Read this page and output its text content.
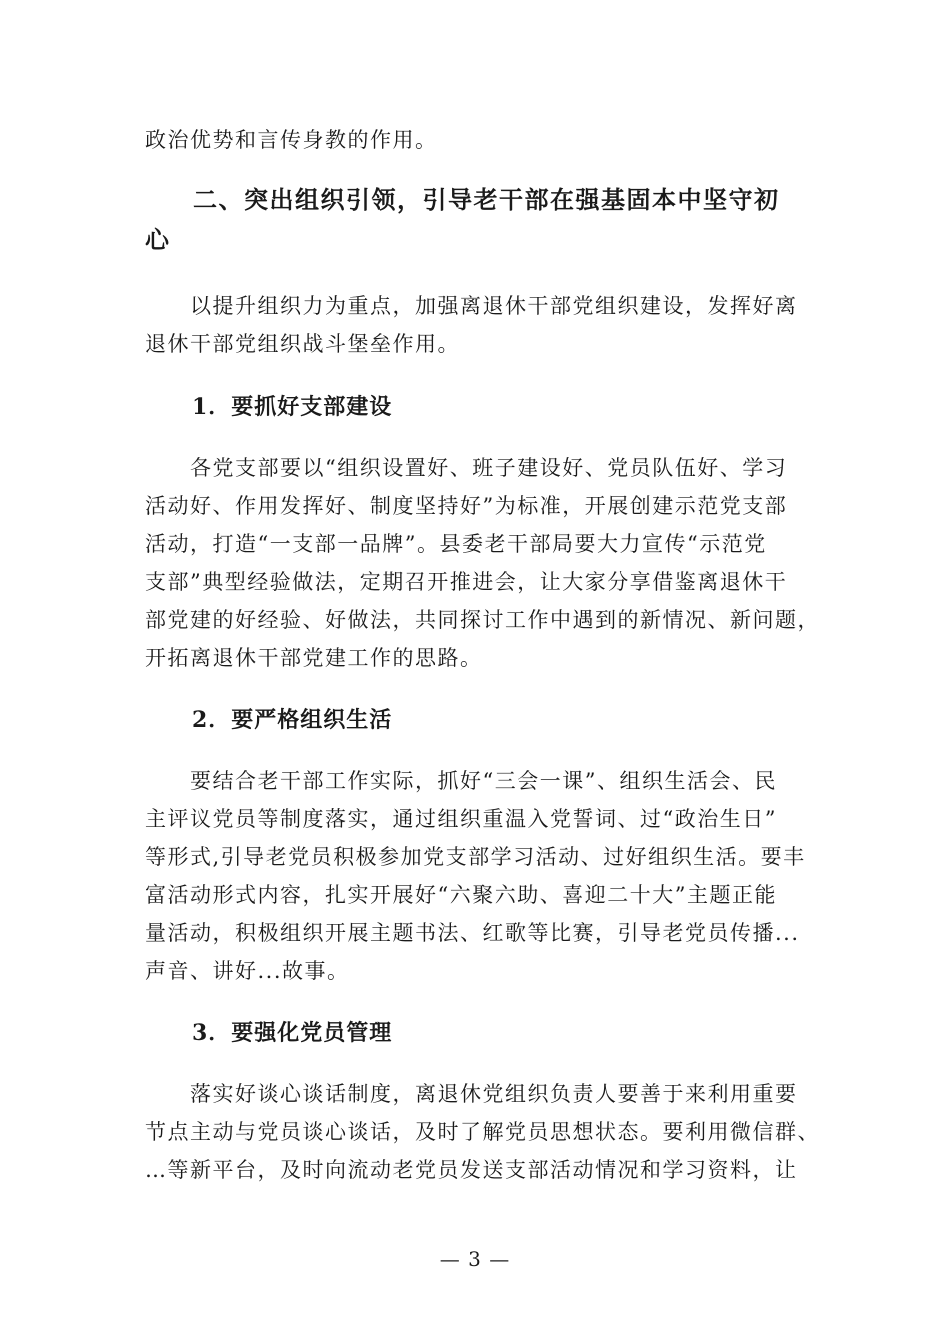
政治优势和言传身教的作用。
二、突出组织引领，引导老干部在强基固本中坚守初
心
以提升组织力为重点，加强离退休干部党组织建设，发挥好离
退休干部党组织战斗堡垒作用。
1．要抓好支部建设
各党支部要以“组织设置好、班子建设好、党员队伍好、学习
活动好、作用发挥好、制度坚持好”为标准，开展创建示范党支部
活动，打造“一支部一品牌”。县委老干部局要大力宣传“示范党
支部”典型经验做法，定期召开推进会，让大家分享借鉴离退休干
部党建的好经验、好做法，共同探讨工作中遇到的新情况、新问题，
开拓离退休干部党建工作的思路。
2．要严格组织生活
要结合老干部工作实际，抓好“三会一课”、组织生活会、民
主评议党员等制度落实，通过组织重温入党誓词、过“政治生日”
等形式,引导老党员积极参加党支部学习活动、过好组织生活。要丰
富活动形式内容，扎实开展好“六聚六助、喜迎二十大”主题正能
量活动，积极组织开展主题书法、红歌等比赛，引导老党员传播...
声音、讲好...故事。
3．要强化党员管理
落实好谈心谈话制度，离退休党组织负责人要善于来利用重要
节点主动与党员谈心谈话，及时了解党员思想状态。要利用微信群、
…等新平台，及时向流动老党员发送支部活动情况和学习资料，让
— 3 —
